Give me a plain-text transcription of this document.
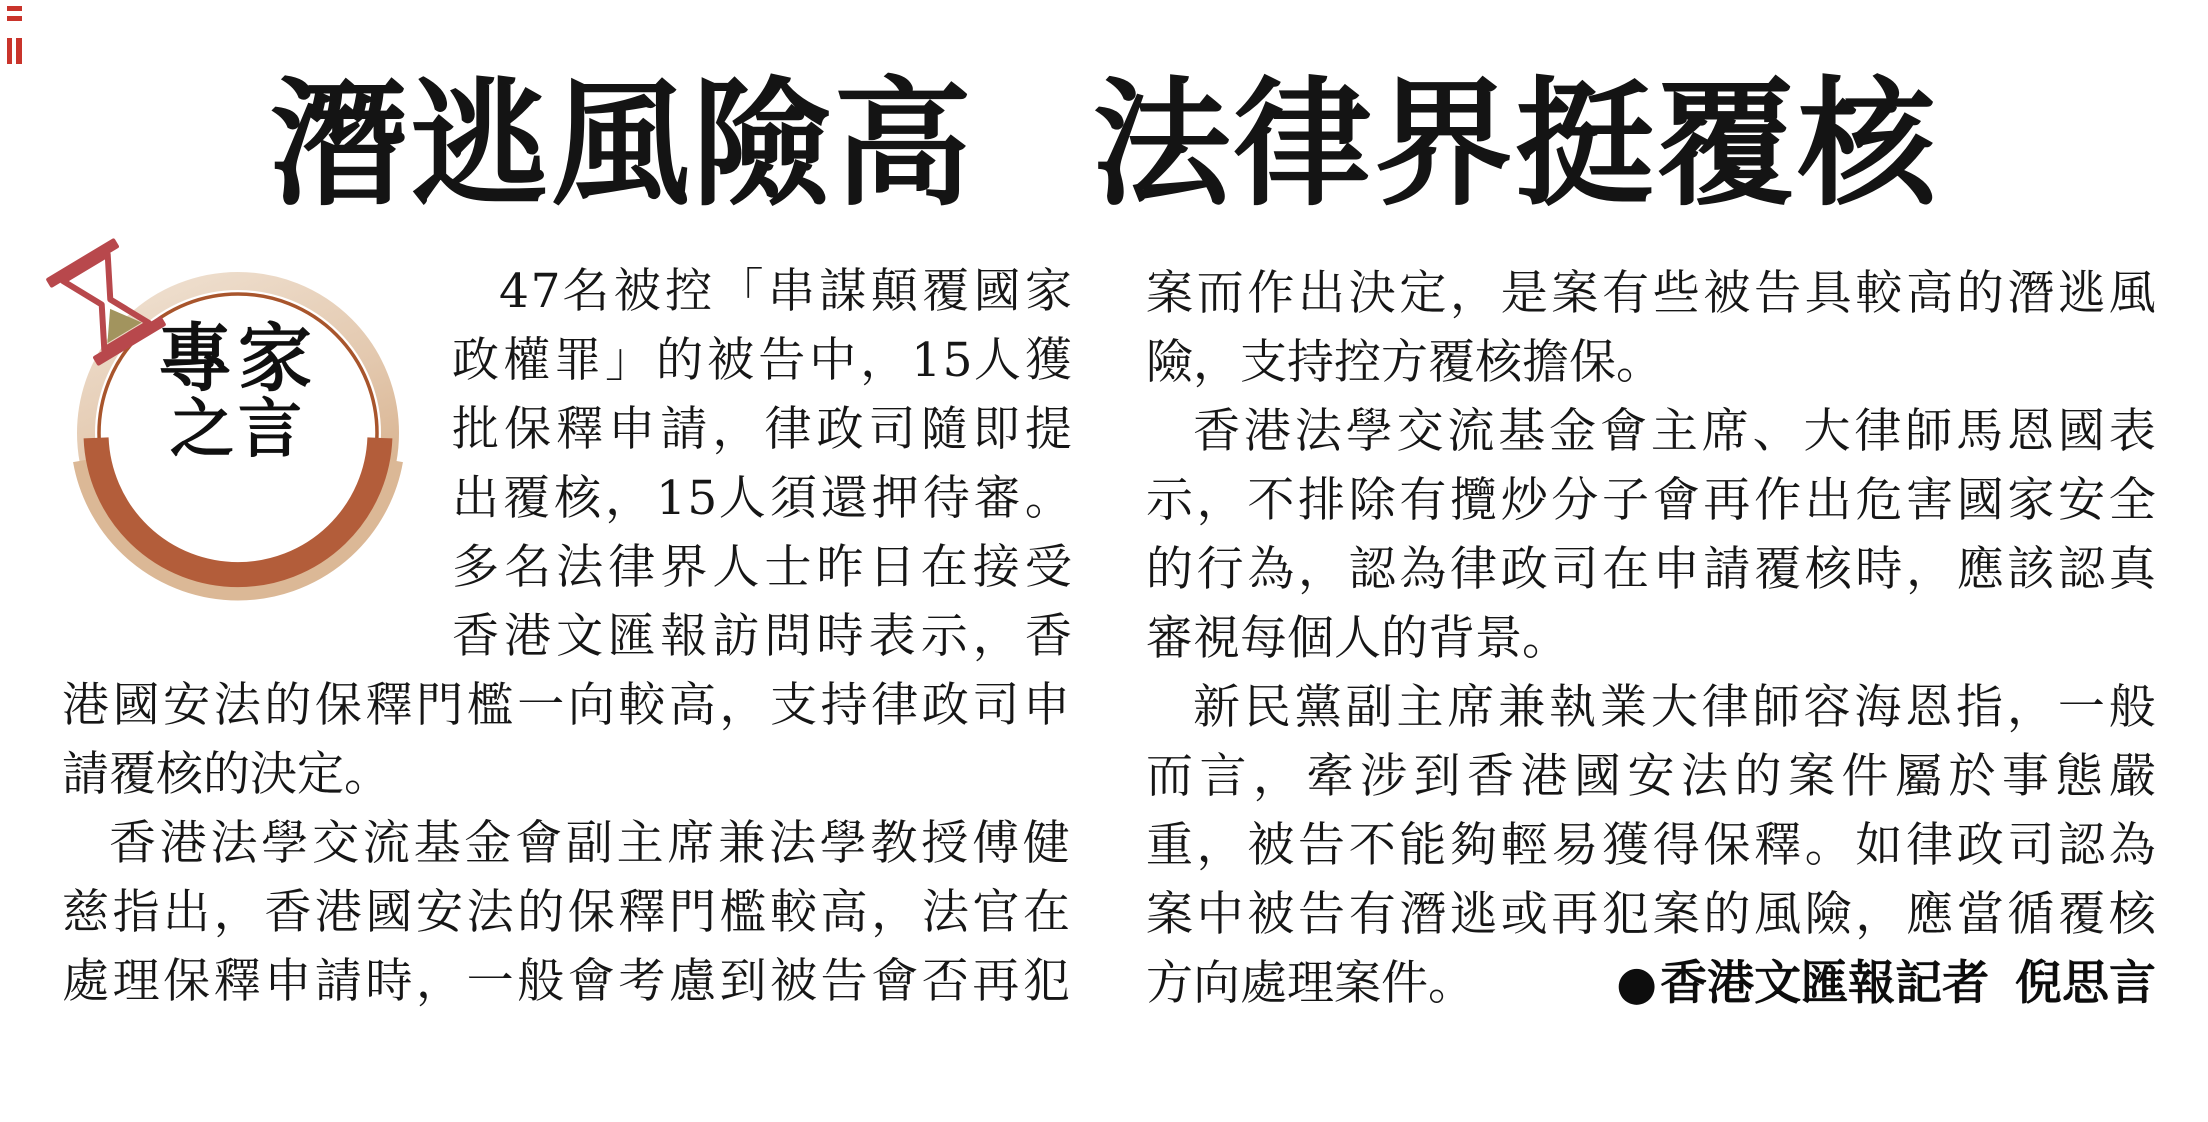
潛逃風險高 法律界挺覆核
專家
之言
4 7 名 被 控 「 串 謀 顛 覆 國 家
政 權 罪 」 的 被 告 中 ， 1 5 人 獲
批 保 釋 申 請 ， 律 政 司 隨 即 提
出 覆 核 ， 1 5 人 須 還 押 待 審 。
多 名 法 律 界 人 士 昨 日 在 接 受
香 港 文 匯 報 訪 問 時 表 示 ， 香
港 國 安 法 的 保 釋 門 檻 一 向 較 高 ， 支 持 律 政 司 申
請 覆 核 的 決 定 。
香 港 法 學 交 流 基 金 會 副 主 席 兼 法 學 教 授 傅 健
慈 指 出 ， 香 港 國 安 法 的 保 釋 門 檻 較 高 ， 法 官 在
處 理 保 釋 申 請 時 ， 一 般 會 考 慮 到 被 告 會 否 再 犯
案 而 作 出 決 定 ， 是 案 有 些 被 告 具 較 高 的 潛 逃 風
險 ， 支 持 控 方 覆 核 擔 保 。
香 港 法 學 交 流 基 金 會 主 席 、 大 律 師 馬 恩 國 表
示 ， 不 排 除 有 攬 炒 分 子 會 再 作 出 危 害 國 家 安 全
的 行 為 ， 認 為 律 政 司 在 申 請 覆 核 時 ， 應 該 認 真
審 視 每 個 人 的 背 景 。
新 民 黨 副 主 席 兼 執 業 大 律 師 容 海 恩 指 ， 一 般
而 言 ， 牽 涉 到 香 港 國 安 法 的 案 件 屬 於 事 態 嚴
重 ， 被 告 不 能 夠 輕 易 獲 得 保 釋 。 如 律 政 司 認 為
案 中 被 告 有 潛 逃 或 再 犯 案 的 風 險 ， 應 當 循 覆 核
方 向 處 理 案 件 。	● 香 港 文 匯 報 記 者 倪 思 言
